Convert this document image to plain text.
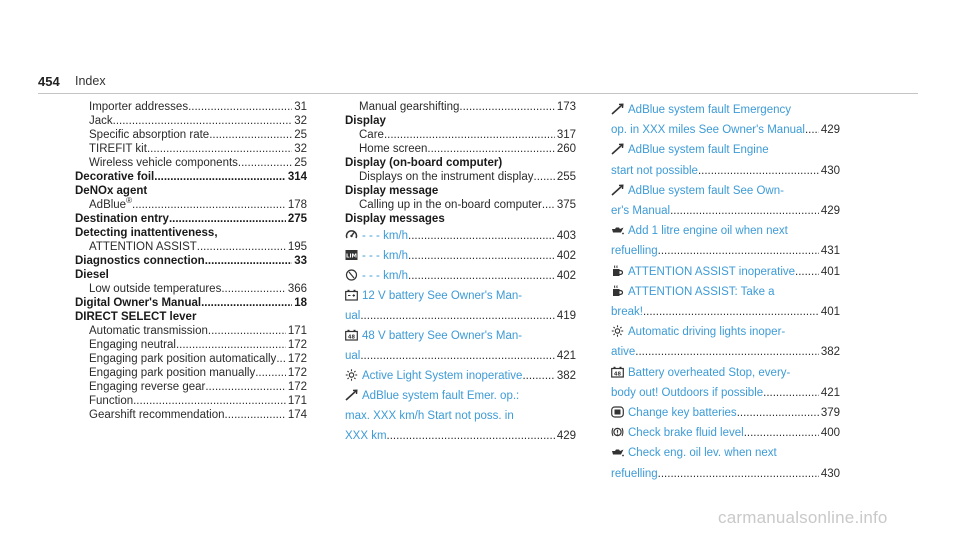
454 Index
Importer addresses .....	31
Jack .....	32
Specific absorption rate .....	25
TIREFIT kit .....	32
Wireless vehicle components .....	25
Decorative foil .....	314
DeNOx agent
AdBlue® .....	178
Destination entry .....	275
Detecting inattentiveness,
ATTENTION ASSIST .....	195
Diagnostics connection .....	33
Diesel
Low outside temperatures .....	366
Digital Owner's Manual .....	18
DIRECT SELECT lever
Automatic transmission .....	171
Engaging neutral .....	172
Engaging park position automatically ..... 172
Engaging park position manually .....	172
Engaging reverse gear .....	172
Function .....	171
Gearshift recommendation .....	174
Manual gearshifting .....	173
Display
Care .....	317
Home screen .....	260
Display (on-board computer)
Displays on the instrument display ..... 255
Display message
Calling up in the on-board computer ..... 375
Display messages
- - - km/h .....	403
LIM - - - km/h .....	402
- - - km/h .....	402
12 V battery See Owner's Man-
ual .....	419
48 48 V battery See Owner's Man-
ual .....	421
Active Light System inoperative .....	382
AdBlue system fault Emer. op.:
max. XXX km/h Start not poss. in
XXX km .....	429
AdBlue system fault Emergency
op. in XXX miles See Owner's Manual ..... 429
AdBlue system fault Engine
start not possible .....	430
AdBlue system fault See Own-
er's Manual .....	429
Add 1 litre engine oil when next
refuelling .....	431
ATTENTION ASSIST inoperative ..... 401
ATTENTION ASSIST: Take a
break! .....	401
Automatic driving lights inoper-
ative .....	382
48 Battery overheated Stop, every-
body out! Outdoors if possible .....	421
Change key batteries .....	379
Check brake fluid level .....	400
Check eng. oil lev. when next
refuelling .....	430
carmanualsonline.info
